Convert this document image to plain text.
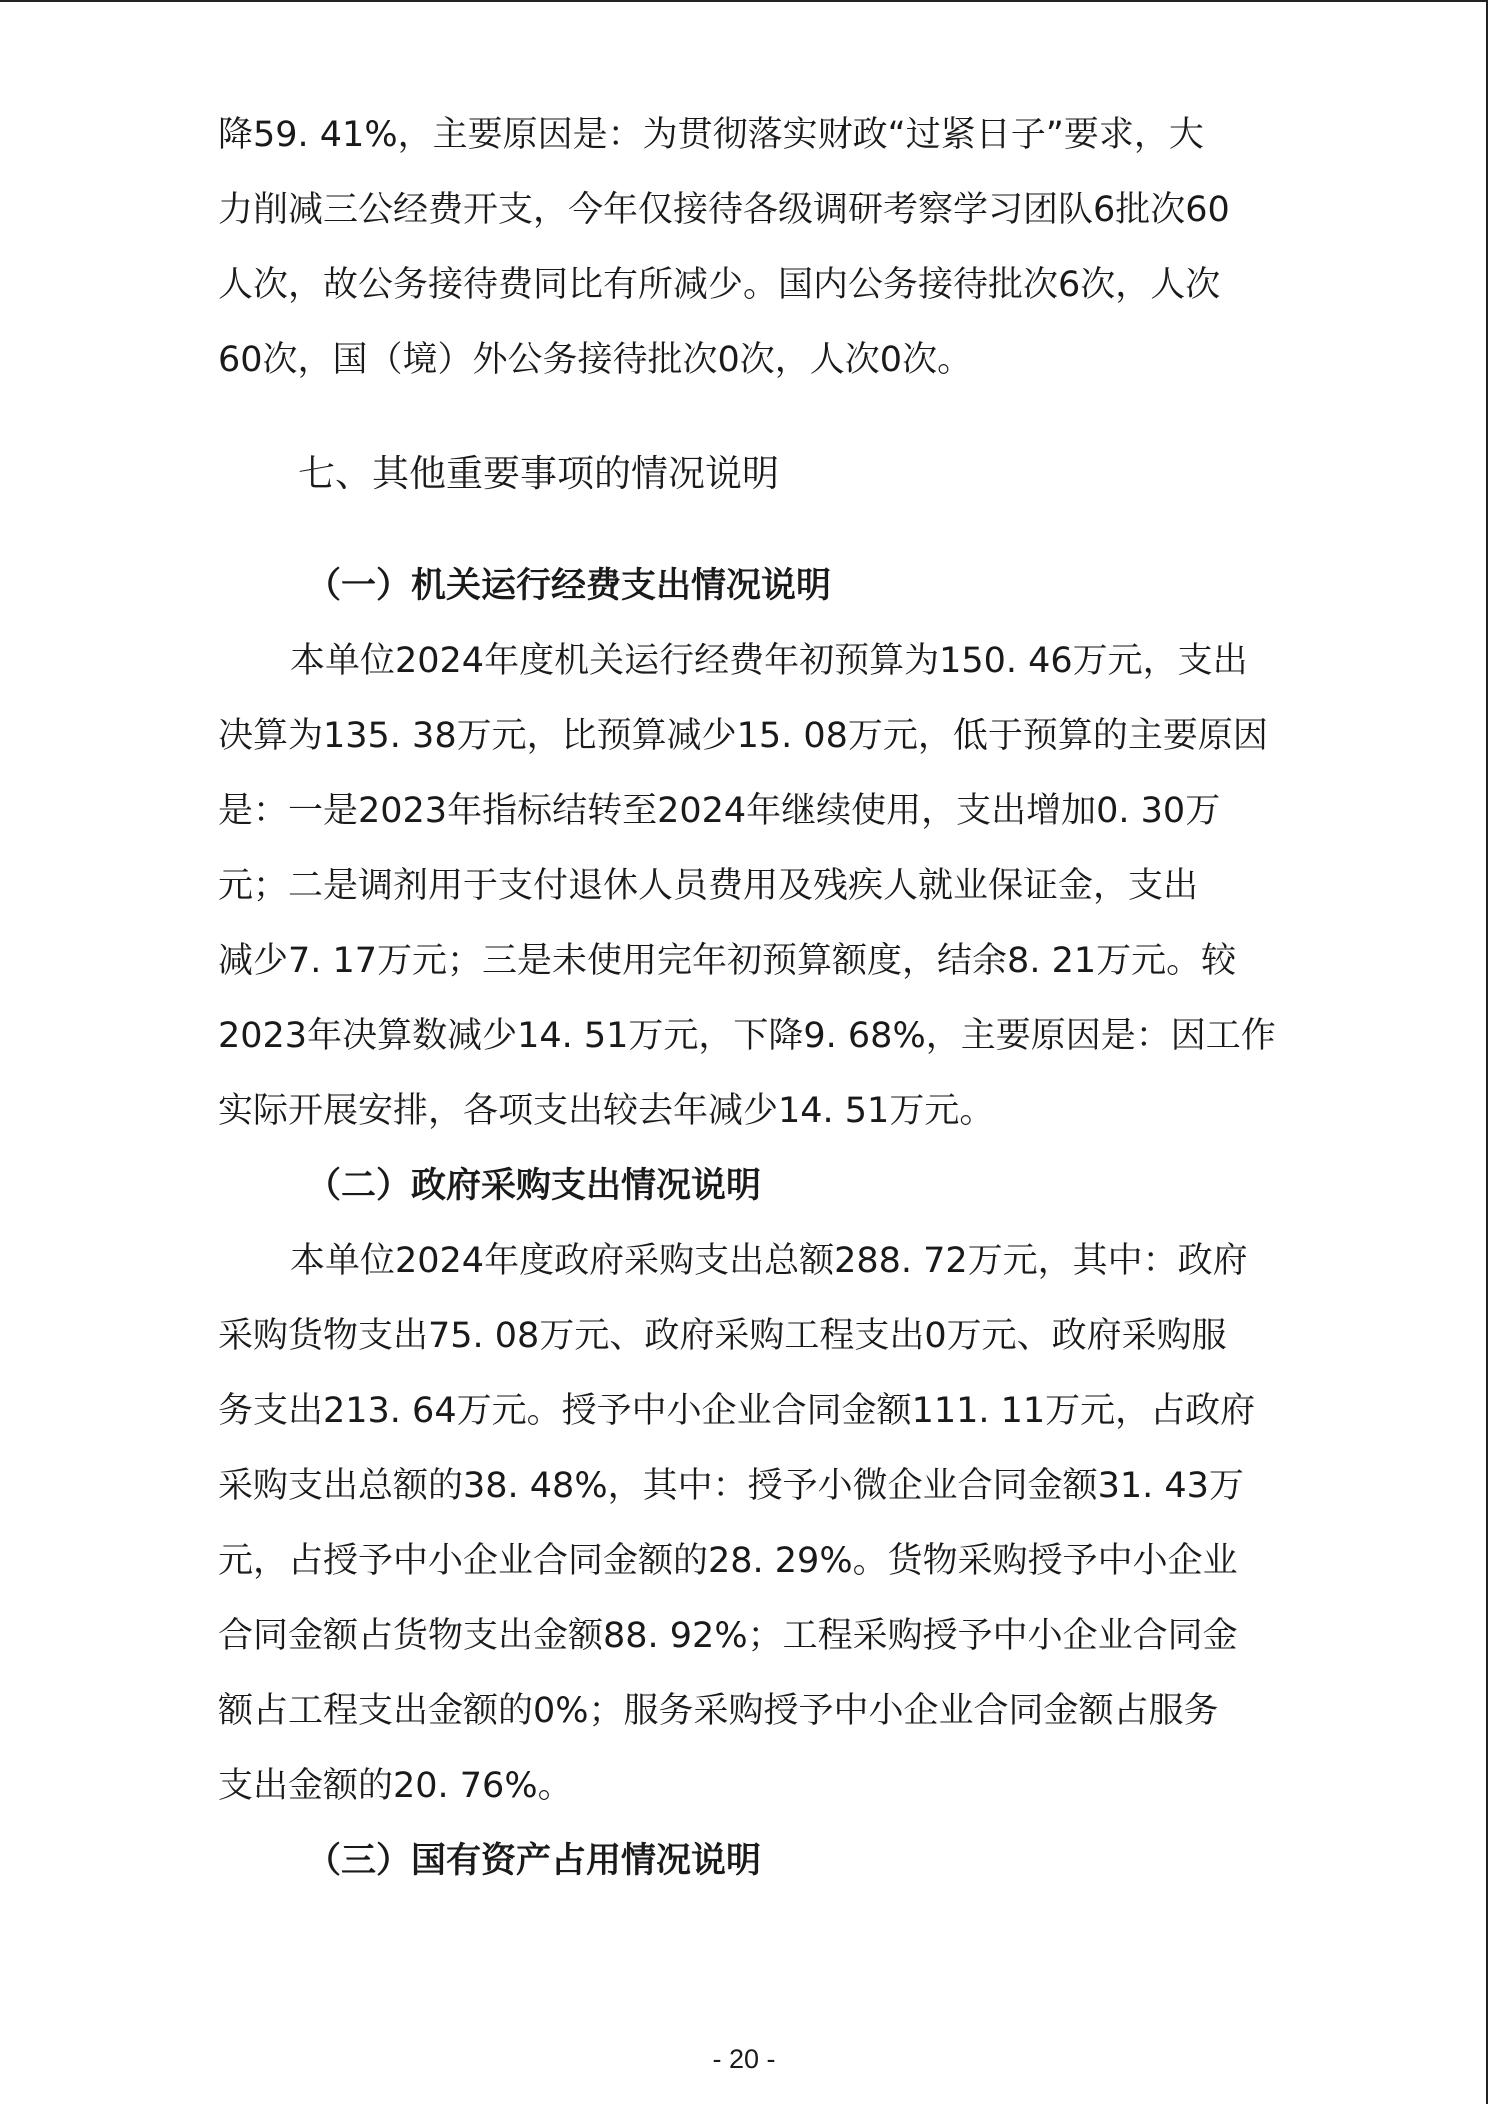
降59. 41%，主要原因是：为贯彻落实财政“过紧日子”要求，大
力削减三公经费开支，今年仅接待各级调研考察学习团队6批次60
人次，故公务接待费同比有所减少。国内公务接待批次6次，人次
60次，国（境）外公务接待批次0次，人次0次。
七、其他重要事项的情况说明
（一）机关运行经费支出情况说明
本单位2024年度机关运行经费年初预算为150. 46万元，支出
决算为135. 38万元，比预算减少15. 08万元，低于预算的主要原因
是：一是2023年指标结转至2024年继续使用，支出增加0. 30万
元；二是调剂用于支付退休人员费用及残疾人就业保证金，支出
减少7. 17万元；三是未使用完年初预算额度，结余8. 21万元。较
2023年决算数减少14. 51万元，下降9. 68%，主要原因是：因工作
实际开展安排，各项支出较去年减少14. 51万元。
（二）政府采购支出情况说明
本单位2024年度政府采购支出总额288. 72万元，其中：政府
采购货物支出75. 08万元、政府采购工程支出0万元、政府采购服
务支出213. 64万元。授予中小企业合同金额111. 11万元，占政府
采购支出总额的38. 48%，其中：授予小微企业合同金额31. 43万
元，占授予中小企业合同金额的28. 29%。货物采购授予中小企业
合同金额占货物支出金额88. 92%；工程采购授予中小企业合同金
额占工程支出金额的0%；服务采购授予中小企业合同金额占服务
支出金额的20. 76%。
（三）国有资产占用情况说明
- 20 -
